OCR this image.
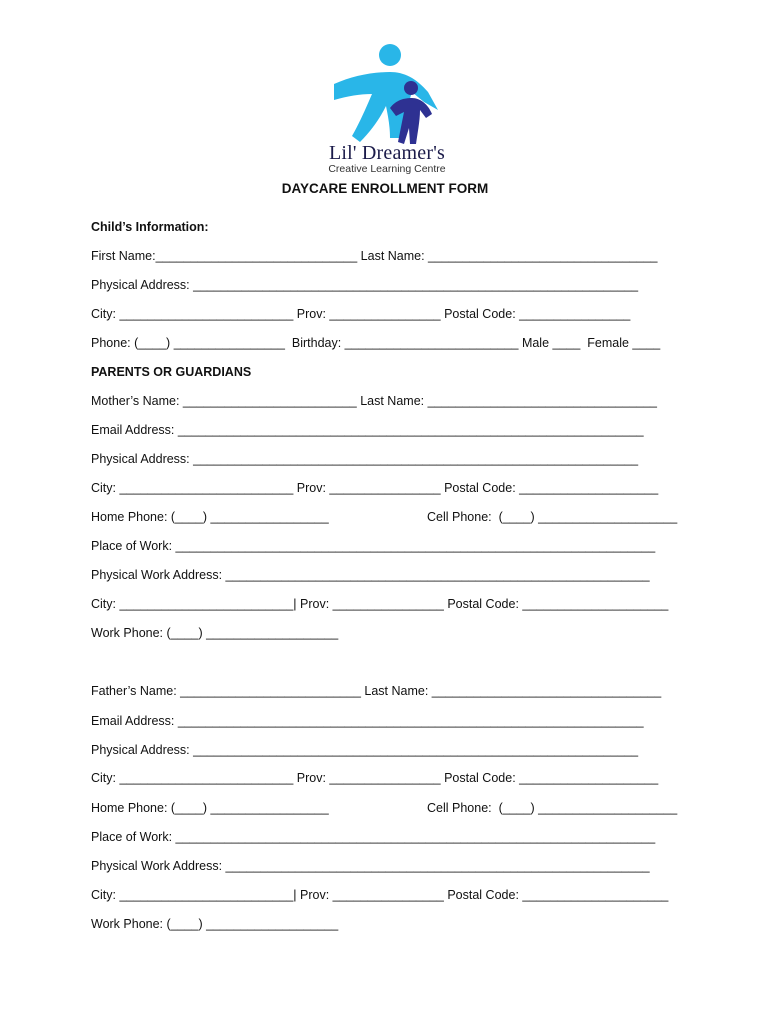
Lil' Dreamer's
Creative Learning Centre
DAYCARE ENROLLMENT FORM
Child’s Information:
First Name:_____________________________ Last Name: _________________________________
Physical Address: ________________________________________________________________
City: _________________________ Prov: ________________ Postal Code: ________________
Phone: (____) ________________  Birthday: _________________________ Male ____  Female ____
PARENTS OR GUARDIANS
Mother’s Name: _________________________ Last Name: _________________________________
Email Address: ___________________________________________________________________
Physical Address: ________________________________________________________________
City: _________________________ Prov: ________________ Postal Code: ____________________
Home Phone: (____) _________________	Cell Phone:  (____) ____________________
Place of Work: _____________________________________________________________________
Physical Work Address: _____________________________________________________________
City: _________________________| Prov: ________________ Postal Code: _____________________
Work Phone: (____) ___________________
Father’s Name: __________________________ Last Name: _________________________________
Email Address: ___________________________________________________________________
Physical Address: ________________________________________________________________
City: _________________________ Prov: ________________ Postal Code: ____________________
Home Phone: (____) _________________	Cell Phone:  (____) ____________________
Place of Work: _____________________________________________________________________
Physical Work Address: _____________________________________________________________
City: _________________________| Prov: ________________ Postal Code: _____________________
Work Phone: (____) ___________________
